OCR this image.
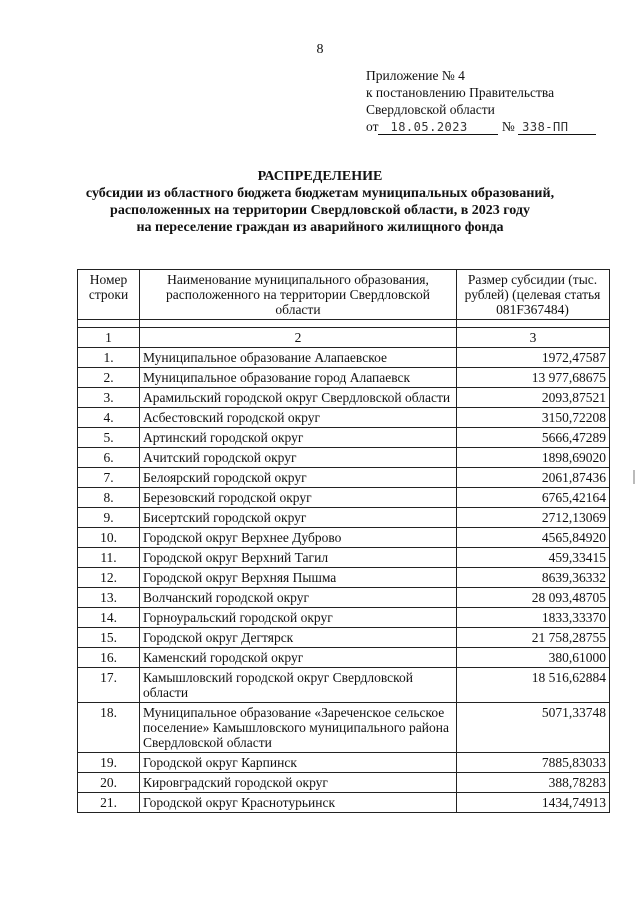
8
Приложение № 4
к постановлению Правительства
Свердловской области
от 18.05.2023	№ 338-ПП
РАСПРЕДЕЛЕНИЕ
субсидии из областного бюджета бюджетам муниципальных образований,
расположенных на территории Свердловской области, в 2023 году
на переселение граждан из аварийного жилищного фонда
Номер строки	Наименование муниципального образования, расположенного на территории Свердловской области	Размер субсидии (тыс. рублей) (целевая статья 081F367484)

1	2	3
1.	Муниципальное образование Алапаевское	1972,47587
2.	Муниципальное образование город Алапаевск	13 977,68675
3.	Арамильский городской округ Свердловской области	2093,87521
4.	Асбестовский городской округ	3150,72208
5.	Артинский городской округ	5666,47289
6.	Ачитский городской округ	1898,69020
7.	Белоярский городской округ	2061,87436
8.	Березовский городской округ	6765,42164
9.	Бисертский городской округ	2712,13069
10.	Городской округ Верхнее Дуброво	4565,84920
11.	Городской округ Верхний Тагил	459,33415
12.	Городской округ Верхняя Пышма	8639,36332
13.	Волчанский городской округ	28 093,48705
14.	Горноуральский городской округ	1833,33370
15.	Городской округ Дегтярск	21 758,28755
16.	Каменский городской округ	380,61000
17.	Камышловский городской округ Свердловской области	18 516,62884
18.	Муниципальное образование «Зареченское сельское поселение» Камышловского муниципального района Свердловской области	5071,33748
19.	Городской округ Карпинск	7885,83033
20.	Кировградский городской округ	388,78283
21.	Городской округ Краснотурьинск	1434,74913
